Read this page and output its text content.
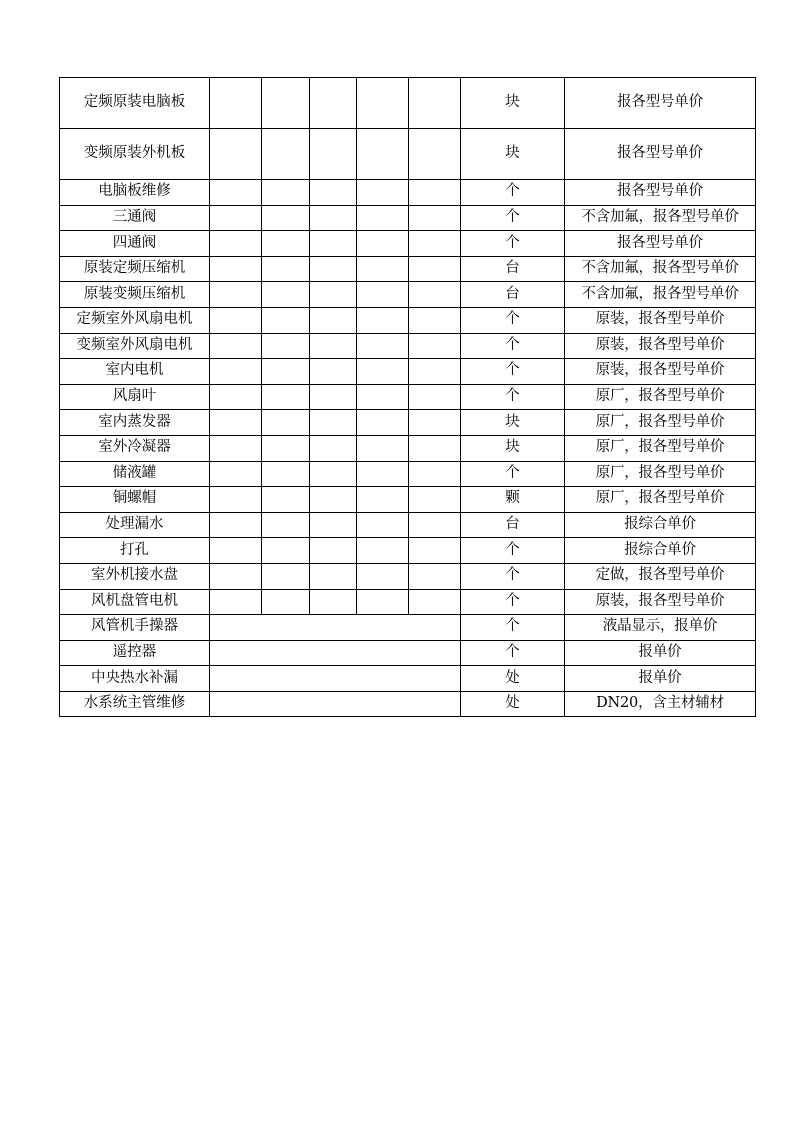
定频原装电脑板						块	报各型号单价
变频原装外机板						块	报各型号单价
电脑板维修						个	报各型号单价
三通阀						个	不含加氟，报各型号单价
四通阀						个	报各型号单价
原装定频压缩机						台	不含加氟，报各型号单价
原装变频压缩机						台	不含加氟，报各型号单价
定频室外风扇电机						个	原装，报各型号单价
变频室外风扇电机						个	原装，报各型号单价
室内电机						个	原装，报各型号单价
风扇叶						个	原厂，报各型号单价
室内蒸发器						块	原厂，报各型号单价
室外冷凝器						块	原厂，报各型号单价
储液罐						个	原厂，报各型号单价
铜螺帽						颗	原厂，报各型号单价
处理漏水						台	报综合单价
打孔						个	报综合单价
室外机接水盘						个	定做，报各型号单价
风机盘管电机						个	原装，报各型号单价
风管机手操器						个	液晶显示，报单价
遥控器						个	报单价
中央热水补漏						处	报单价
水系统主管维修						处	DN20，含主材辅材
